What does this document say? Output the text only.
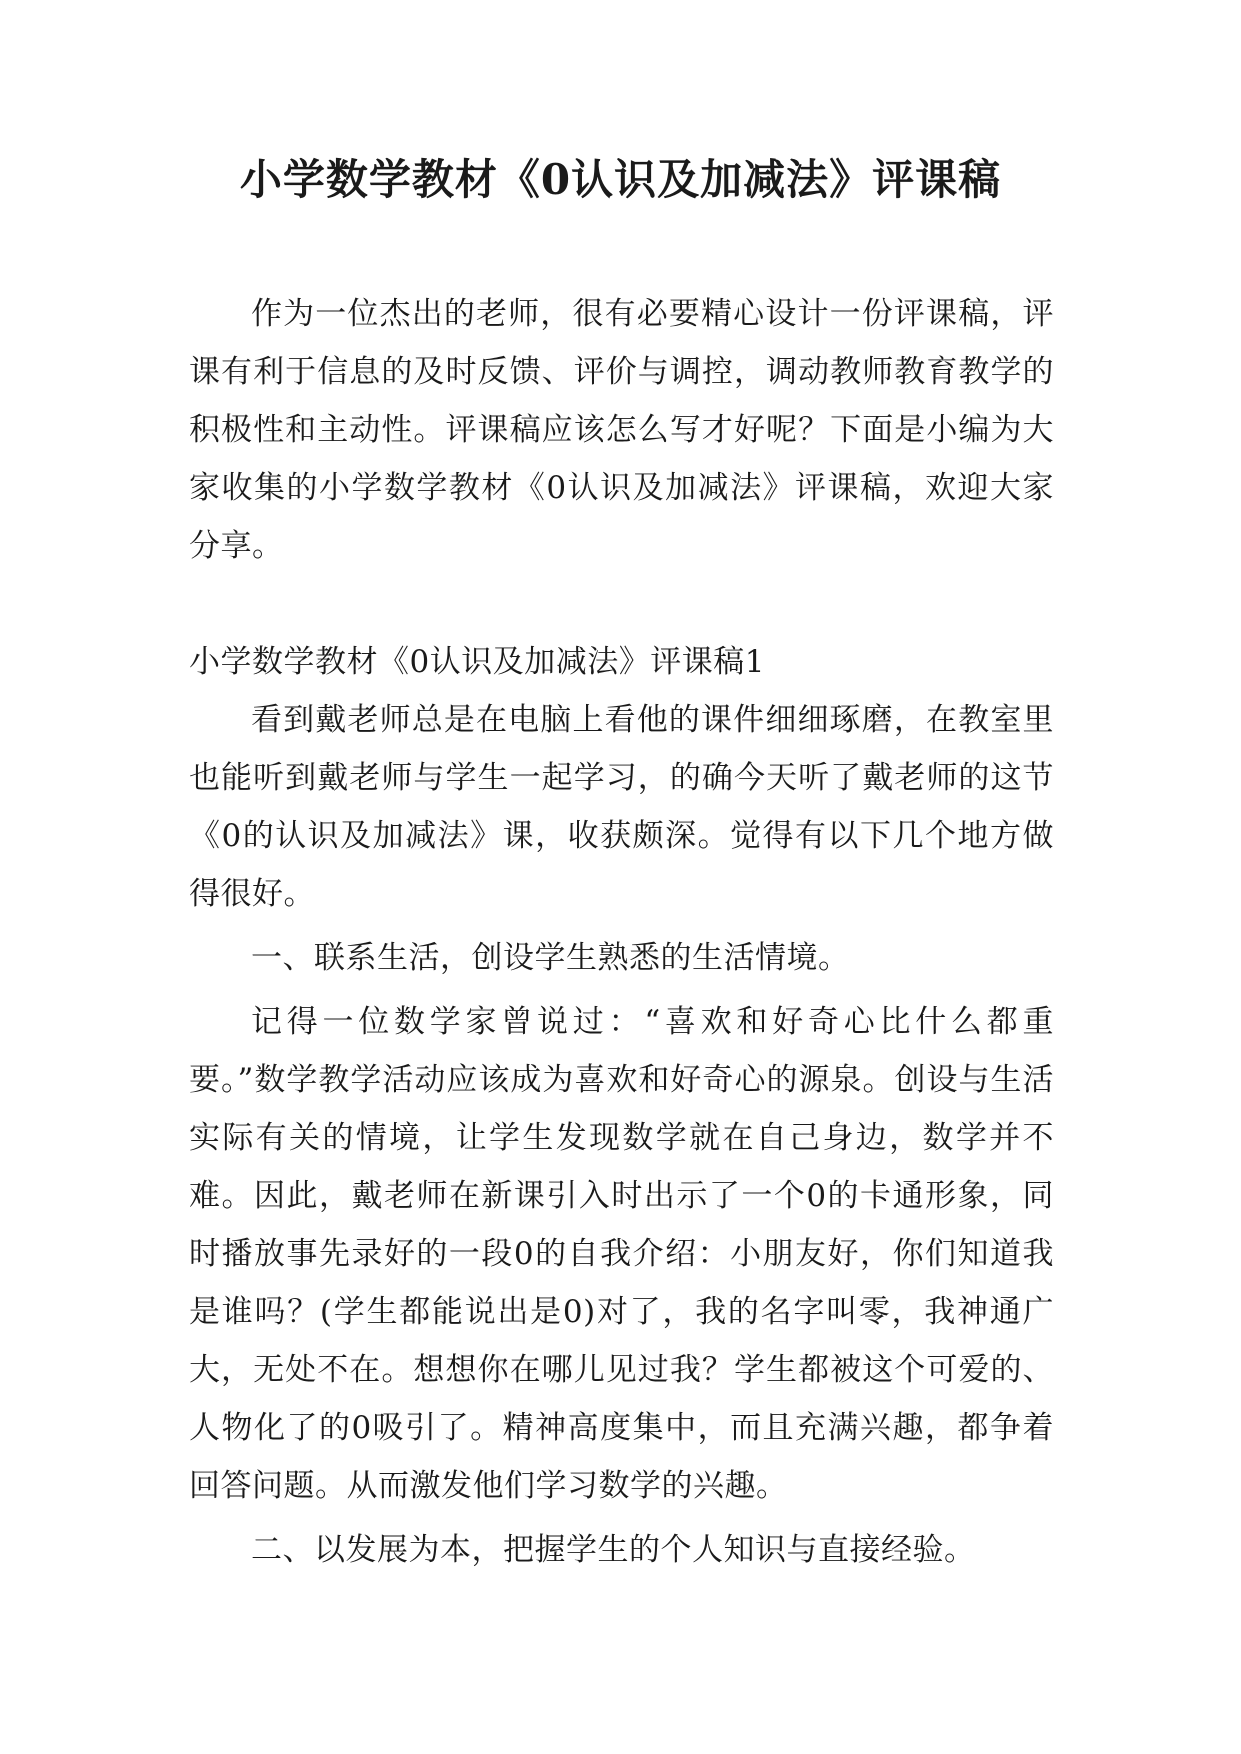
小学数学教材《0认识及加减法》评课稿

作为一位杰出的老师，很有必要精心设计一份评课稿，评课有利于信息的及时反馈、评价与调控，调动教师教育教学的积极性和主动性。评课稿应该怎么写才好呢？下面是小编为大家收集的小学数学教材《0认识及加减法》评课稿，欢迎大家分享。

小学数学教材《0认识及加减法》评课稿1

看到戴老师总是在电脑上看他的课件细细琢磨，在教室里也能听到戴老师与学生一起学习，的确今天听了戴老师的这节《0的认识及加减法》课，收获颇深。觉得有以下几个地方做得很好。

一、联系生活，创设学生熟悉的生活情境。

记得一位数学家曾说过：“喜欢和好奇心比什么都重要。”数学教学活动应该成为喜欢和好奇心的源泉。创设与生活实际有关的情境，让学生发现数学就在自己身边，数学并不难。因此，戴老师在新课引入时出示了一个0的卡通形象，同时播放事先录好的一段0的自我介绍：小朋友好，你们知道我是谁吗？(学生都能说出是0)对了，我的名字叫零，我神通广大，无处不在。想想你在哪儿见过我？学生都被这个可爱的、人物化了的0吸引了。精神高度集中，而且充满兴趣，都争着回答问题。从而激发他们学习数学的兴趣。

二、以发展为本，把握学生的个人知识与直接经验。
